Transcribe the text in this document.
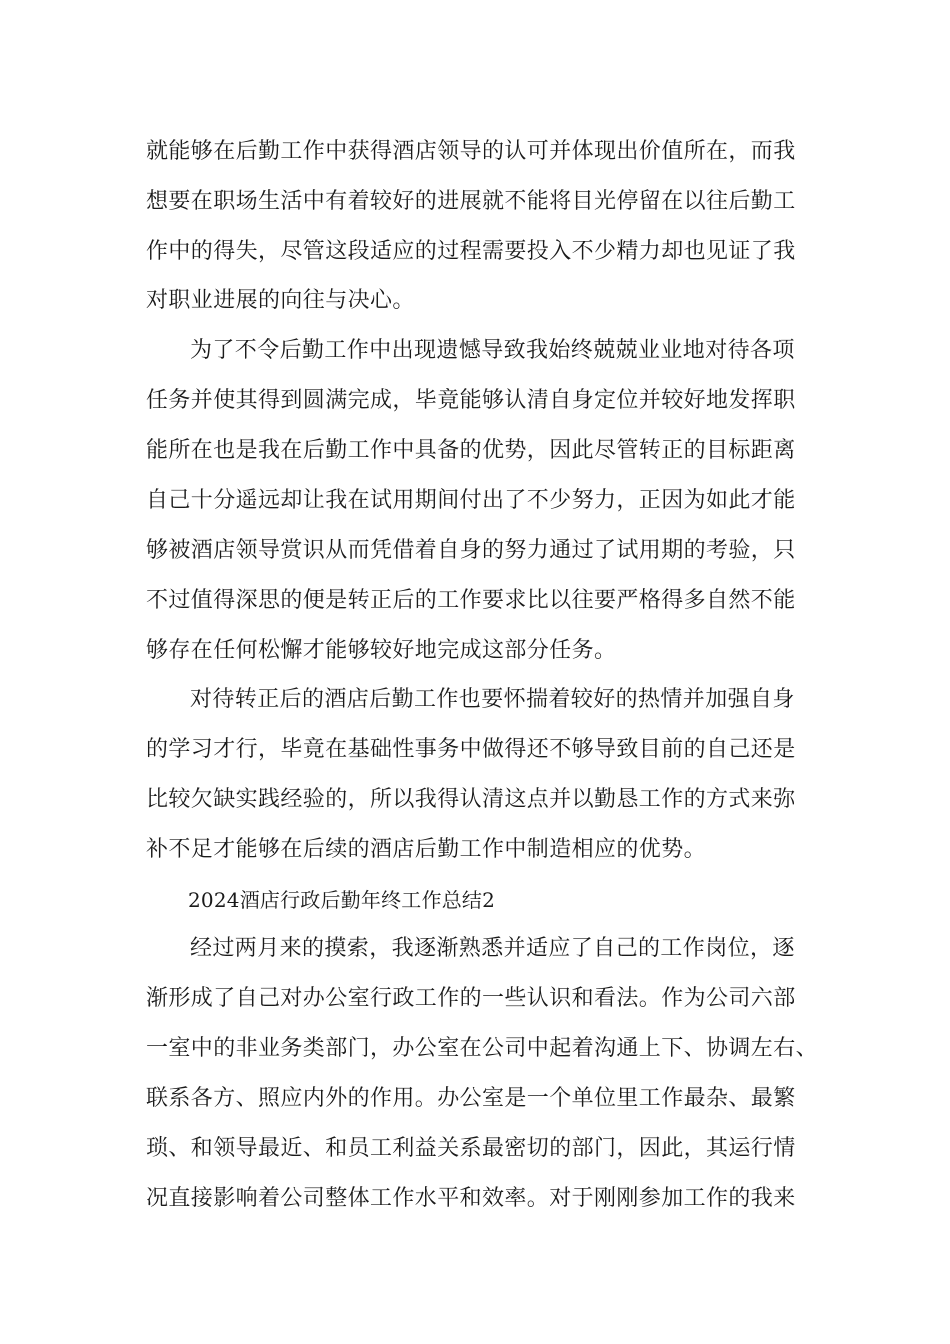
就能够在后勤工作中获得酒店领导的认可并体现出价值所在，而我
想要在职场生活中有着较好的进展就不能将目光停留在以往后勤工
作中的得失，尽管这段适应的过程需要投入不少精力却也见证了我
对职业进展的向往与决心。
为了不令后勤工作中出现遗憾导致我始终兢兢业业地对待各项
任务并使其得到圆满完成，毕竟能够认清自身定位并较好地发挥职
能所在也是我在后勤工作中具备的优势，因此尽管转正的目标距离
自己十分遥远却让我在试用期间付出了不少努力，正因为如此才能
够被酒店领导赏识从而凭借着自身的努力通过了试用期的考验，只
不过值得深思的便是转正后的工作要求比以往要严格得多自然不能
够存在任何松懈才能够较好地完成这部分任务。
对待转正后的酒店后勤工作也要怀揣着较好的热情并加强自身
的学习才行，毕竟在基础性事务中做得还不够导致目前的自己还是
比较欠缺实践经验的，所以我得认清这点并以勤恳工作的方式来弥
补不足才能够在后续的酒店后勤工作中制造相应的优势。
2024酒店行政后勤年终工作总结2
经过两月来的摸索，我逐渐熟悉并适应了自己的工作岗位，逐
渐形成了自己对办公室行政工作的一些认识和看法。作为公司六部
一室中的非业务类部门，办公室在公司中起着沟通上下、协调左右、
联系各方、照应内外的作用。办公室是一个单位里工作最杂、最繁
琐、和领导最近、和员工利益关系最密切的部门，因此，其运行情
况直接影响着公司整体工作水平和效率。对于刚刚参加工作的我来
